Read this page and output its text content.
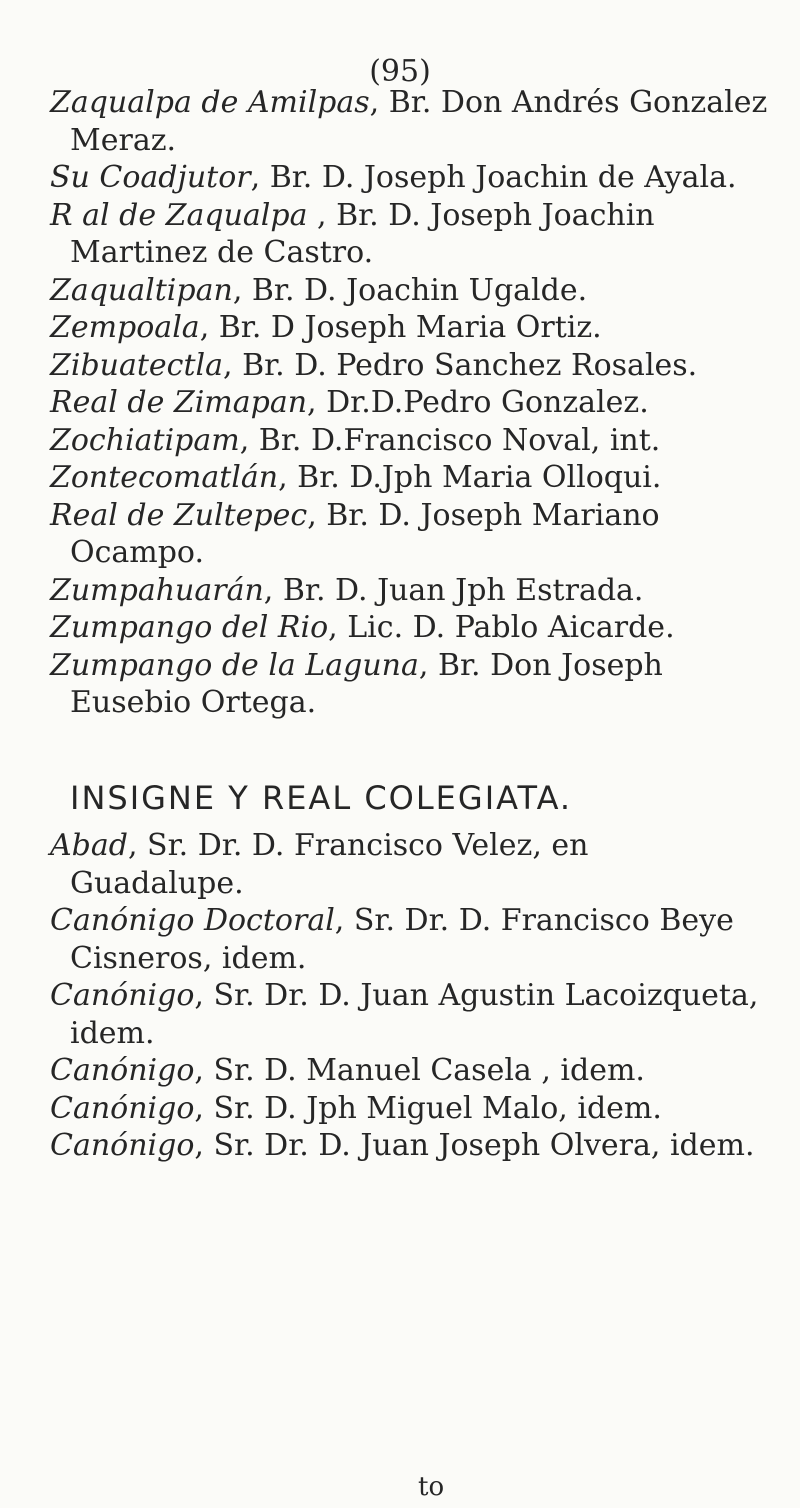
(95)
Zaqualpa de Amilpas, Br. Don Andrés Gonzalez Meraz.
Su Coadjutor, Br. D. Joseph Joachin de Ayala.
R al de Zaqualpa , Br. D. Joseph Joachin Martinez de Castro.
Zaqualtipan, Br. D. Joachin Ugalde.
Zempoala, Br. D Joseph Maria Ortiz.
Zibuatectla, Br. D. Pedro Sanchez Rosales.
Real de Zimapan, Dr.D.Pedro Gonzalez.
Zochiatipam, Br. D.Francisco Noval, int.
Zontecomatlán, Br. D.Jph Maria Olloqui.
Real de Zultepec, Br. D. Joseph Mariano Ocampo.
Zumpahuarán, Br. D. Juan Jph Estrada.
Zumpango del Rio, Lic. D. Pablo Aicarde.
Zumpango de la Laguna, Br. Don Joseph Eusebio Ortega.
INSIGNE Y REAL COLEGIATA.
Abad, Sr. Dr. D. Francisco Velez, en Guadalupe.
Canónigo Doctoral, Sr. Dr. D. Francisco Beye Cisneros, idem.
Canónigo, Sr. Dr. D. Juan Agustin Lacoizqueta, idem.
Canónigo, Sr. D. Manuel Casela , idem.
Canónigo, Sr. D. Jph Miguel Malo, idem.
Canónigo, Sr. Dr. D. Juan Joseph Olvera, idem.
to
